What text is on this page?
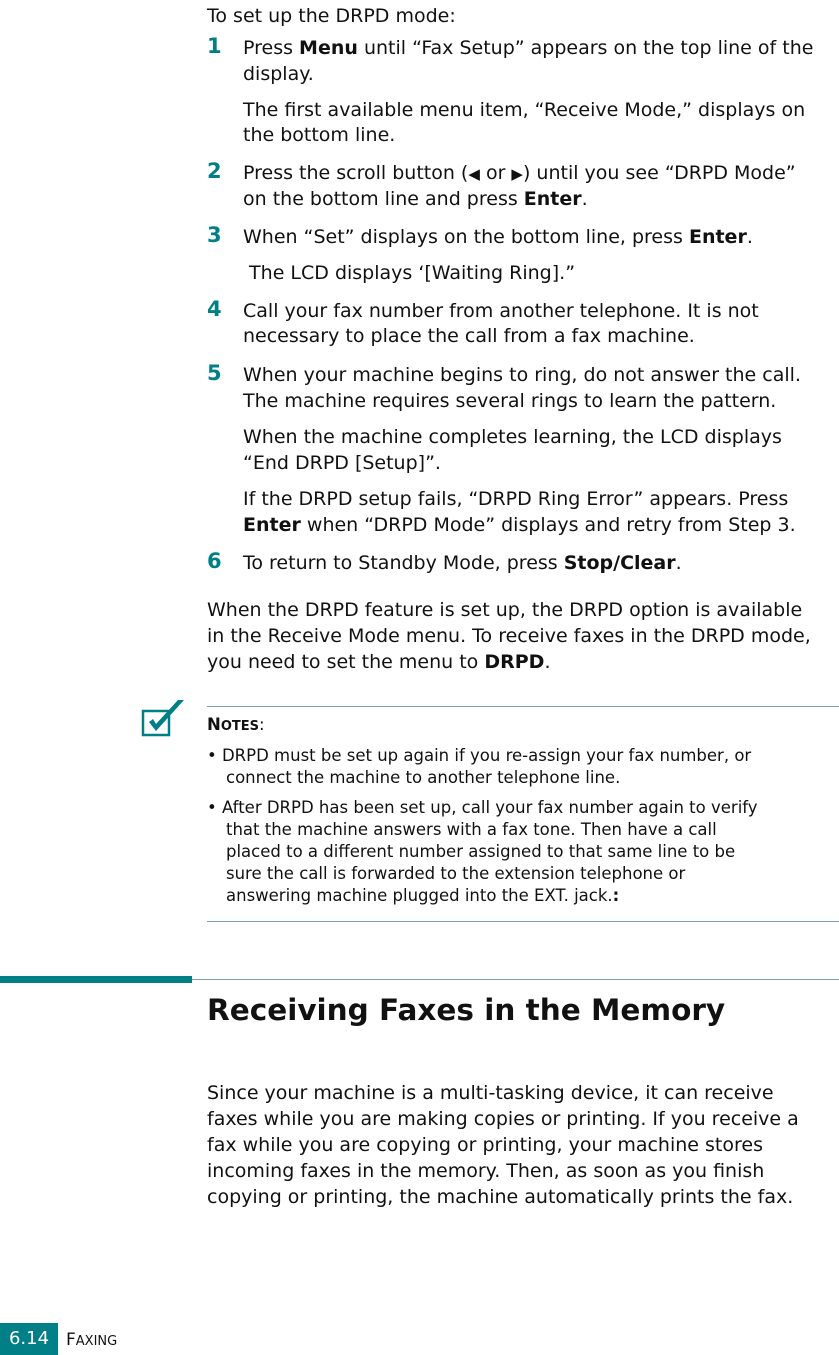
To set up the DRPD mode:
1 Press Menu until “Fax Setup” appears on the top line of the
display.
The first available menu item, “Receive Mode,” displays on
the bottom line.
2 Press the scroll button (◀ or ▶) until you see “DRPD Mode”
on the bottom line and press Enter.
3 When “Set” displays on the bottom line, press Enter.
The LCD displays ‘[Waiting Ring].”
4 Call your fax number from another telephone. It is not
necessary to place the call from a fax machine.
5 When your machine begins to ring, do not answer the call.
The machine requires several rings to learn the pattern.
When the machine completes learning, the LCD displays
“End DRPD [Setup]”.
If the DRPD setup fails, “DRPD Ring Error” appears. Press
Enter when “DRPD Mode” displays and retry from Step 3.
6 To return to Standby Mode, press Stop/Clear.
When the DRPD feature is set up, the DRPD option is available
in the Receive Mode menu. To receive faxes in the DRPD mode,
you need to set the menu to DRPD.
NOTES:
• DRPD must be set up again if you re-assign your fax number, or
connect the machine to another telephone line.
• After DRPD has been set up, call your fax number again to verify
that the machine answers with a fax tone. Then have a call
placed to a different number assigned to that same line to be
sure the call is forwarded to the extension telephone or
answering machine plugged into the EXT. jack.:
Receiving Faxes in the Memory
Since your machine is a multi-tasking device, it can receive
faxes while you are making copies or printing. If you receive a
fax while you are copying or printing, your machine stores
incoming faxes in the memory. Then, as soon as you finish
copying or printing, the machine automatically prints the fax.
6.14 FAXING
